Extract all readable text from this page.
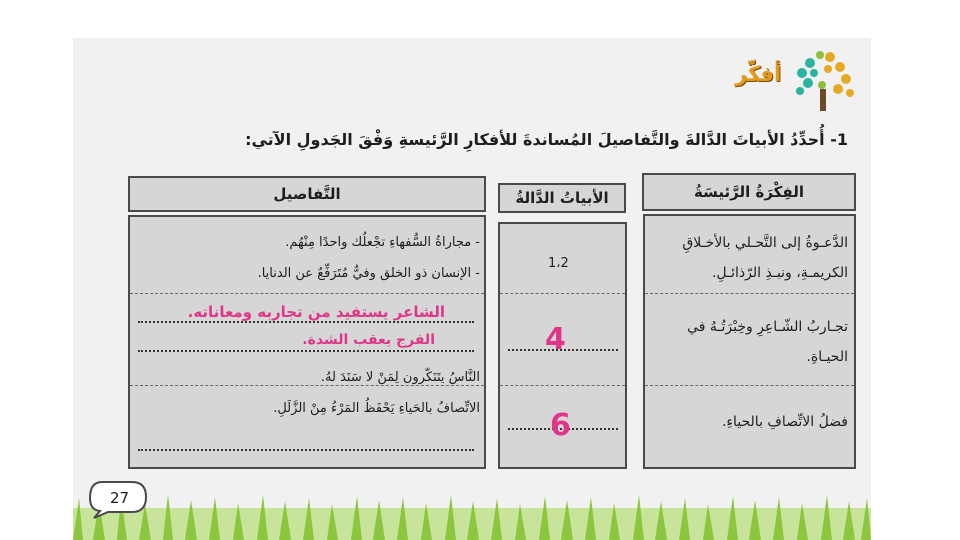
أفكّر
1- أُحدِّدُ الأبياتَ الدَّالةَ والتَّفاصيلَ المُساندةَ للأفكارِ الرَّئيسةِ وَفْقَ الجَدولِ الآتي:
الفِكْرَةُ الرَّئيسَةُ
الأبياتُ الدَّالةُ
التَّفاصيل
الدَّعـوةُ إلى التَّحـلي بالأخـلاقِ الكريمـةِ، ونبـذِ الرّذائـلِ.
تجـاربُ الشّـاعِرِ وخِبْرَتُـهُ في الحيـاةِ.
فضلُ الاتِّصافِ بالحياءِ.
1،2
4
6
- مجاراةُ السُّفهاءِ تجْعلُك واحدًا مِنْهُم.
- الإنسان ذو الخلق وفيٌّ مُتَرَفِّعٌ عن الدنايا.
الشاعر يستفيد من تجاربه ومعاناته.
الفرج يعقب الشدة.
النَّاسُ يتَنَكّرون لِمَنْ لا سَنَدَ لهُ.
الاتِّصافُ بالحَياءِ يَحْفَظُ المَرْءُ مِنْ الزَّلَلِ.
27
